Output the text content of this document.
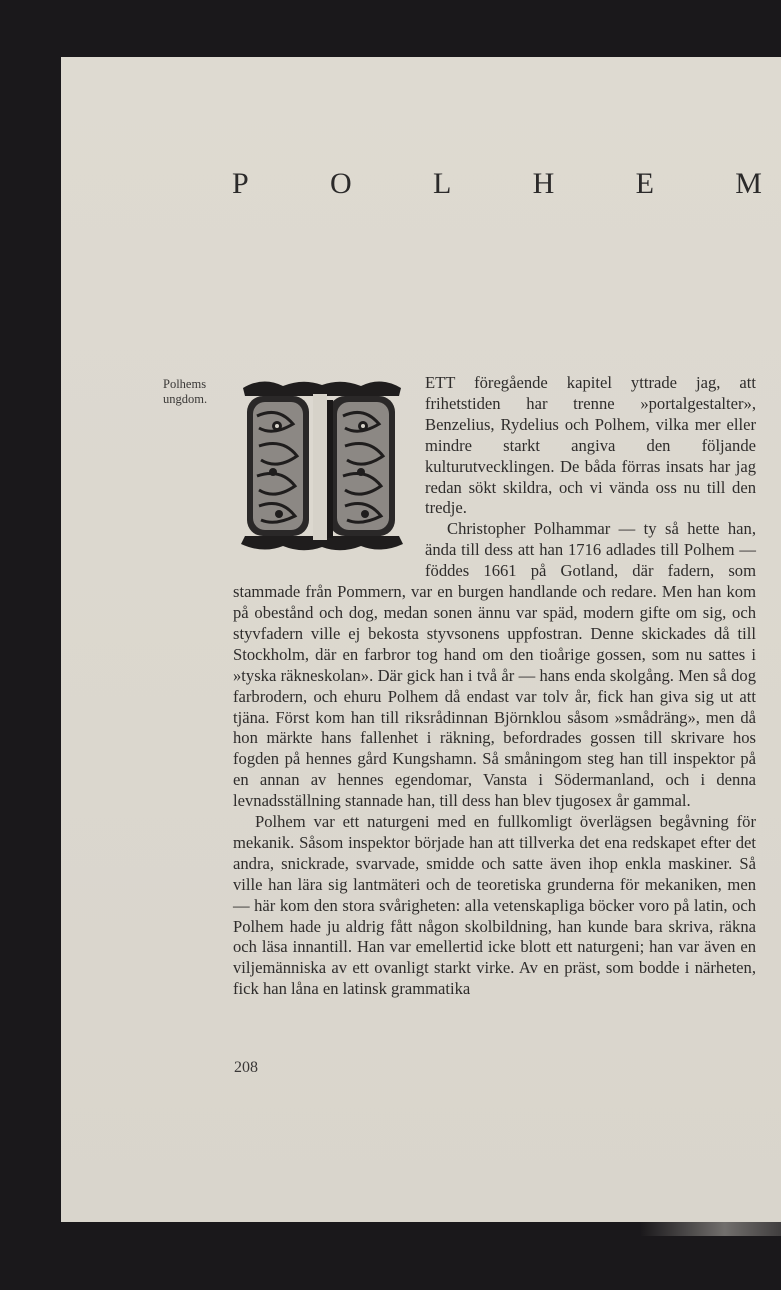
P	O	L	H	E	M
Polhems
ungdom.

ETT föregående kapitel yttrade jag, att frihetstiden har trenne »portalgestalter», Benzelius, Rydelius och Polhem, vilka mer eller mindre starkt angiva den följande kulturutvecklingen. De båda förras insats har jag redan sökt skildra, och vi vända oss nu till den tredje.

Christopher Polhammar — ty så hette han, ända till dess att han 1716 adlades till Polhem — föddes 1661 på Gotland, där fadern, som stammade från Pommern, var en burgen handlande och redare. Men han kom på obestånd och dog, medan sonen ännu var späd, modern gifte om sig, och styvfadern ville ej bekosta styvsonens uppfostran. Denne skickades då till Stockholm, där en farbror tog hand om den tioårige gossen, som nu sattes i »tyska räkneskolan». Där gick han i två år — hans enda skolgång. Men så dog farbrodern, och ehuru Polhem då endast var tolv år, fick han giva sig ut att tjäna. Först kom han till riksrådinnan Björnklou såsom »smådräng», men då hon märkte hans fallenhet i räkning, befordrades gossen till skrivare hos fogden på hennes gård Kungshamn. Så småningom steg han till inspektor på en annan av hennes egendomar, Vansta i Södermanland, och i denna levnadsställning stannade han, till dess han blev tjugosex år gammal.

Polhem var ett naturgeni med en fullkomligt överlägsen begåvning för mekanik. Såsom inspektor började han att tillverka det ena redskapet efter det andra, snickrade, svarvade, smidde och satte även ihop enkla maskiner. Så ville han lära sig lantmäteri och de teoretiska grunderna för mekaniken, men — här kom den stora svårigheten: alla vetenskapliga böcker voro på latin, och Polhem hade ju aldrig fått någon skolbildning, han kunde bara skriva, räkna och läsa innantill. Han var emellertid icke blott ett naturgeni; han var även en viljemänniska av ett ovanligt starkt virke. Av en präst, som bodde i närheten, fick han låna en latinsk grammatika

208
